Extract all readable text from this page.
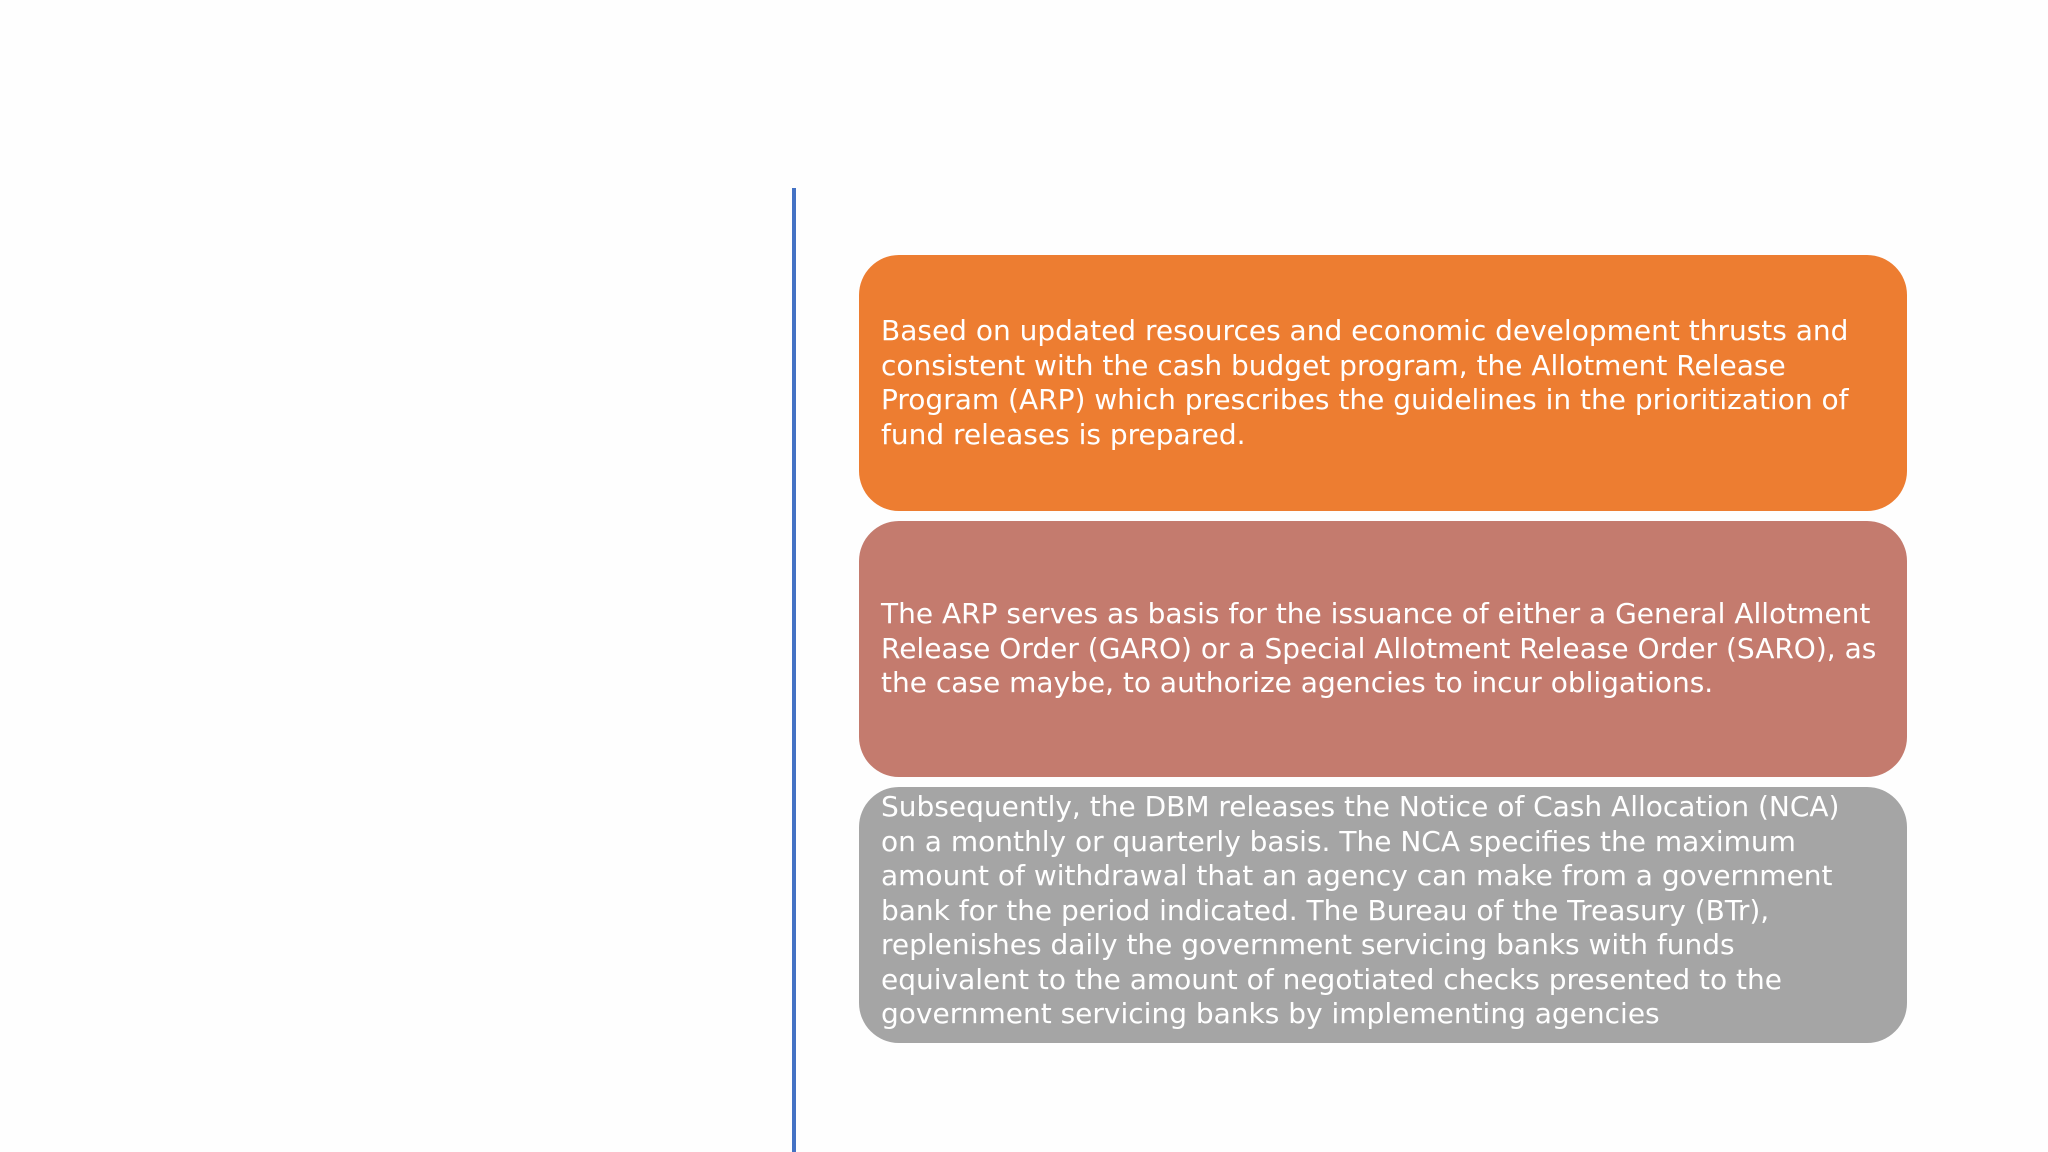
Based on updated resources and economic development thrusts and consistent with the cash budget program, the Allotment Release Program (ARP) which prescribes the guidelines in the prioritization of fund releases is prepared.

The ARP serves as basis for the issuance of either a General Allotment Release Order (GARO) or a Special Allotment Release Order (SARO), as the case maybe, to authorize agencies to incur obligations.

Subsequently, the DBM releases the Notice of Cash Allocation (NCA) on a monthly or quarterly basis. The NCA specifies the maximum amount of withdrawal that an agency can make from a government bank for the period indicated. The Bureau of the Treasury (BTr), replenishes daily the government servicing banks with funds equivalent to the amount of negotiated checks presented to the government servicing banks by implementing agencies
